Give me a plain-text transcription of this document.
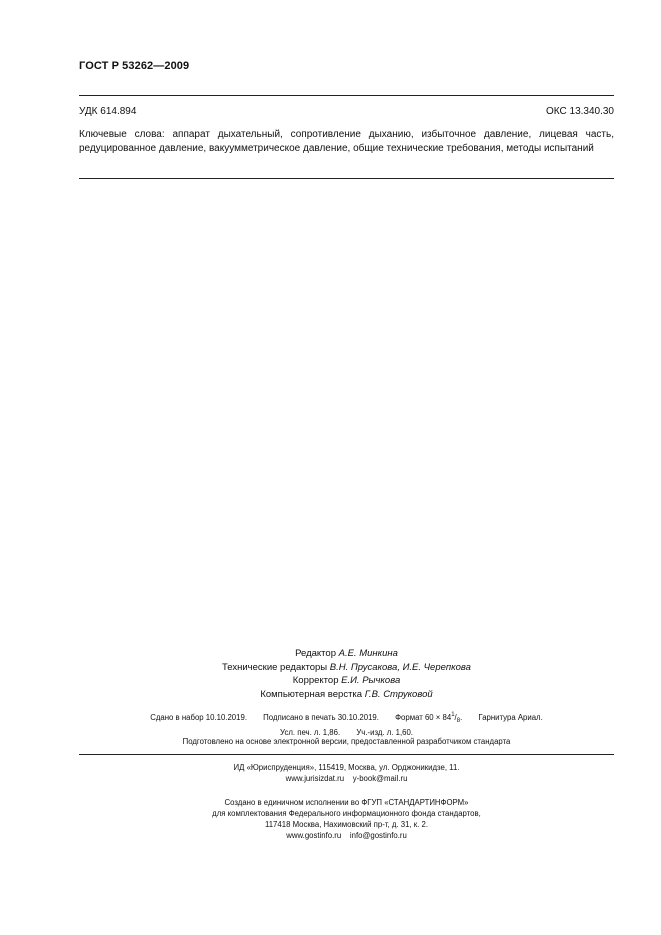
ГОСТ Р 53262—2009
УДК 614.894	ОКС 13.340.30
Ключевые слова: аппарат дыхательный, сопротивление дыханию, избыточное давление, лицевая часть, редуцированное давление, вакуумметрическое давление, общие технические требования, методы испытаний
Редактор А.Е. Минкина
Технические редакторы В.Н. Прусакова, И.Е. Черепкова
Корректор Е.И. Рычкова
Компьютерная верстка Г.В. Струковой
Сдано в набор 10.10.2019. Подписано в печать 30.10.2019. Формат $60 \times 84^1/_8$. Гарнитура Ариал.
Усл. печ. л. 1,86. Уч.-изд. л. 1,60.
Подготовлено на основе электронной версии, предоставленной разработчиком стандарта
ИД «Юриспруденция», 115419, Москва, ул. Орджоникидзе, 11.
www.jurisizdat.ru    y-book@mail.ru
Создано в единичном исполнении во ФГУП «СТАНДАРТИНФОРМ»
для комплектования Федерального информационного фонда стандартов,
117418 Москва, Нахимовский пр-т, д. 31, к. 2.
www.gostinfo.ru    info@gostinfo.ru
